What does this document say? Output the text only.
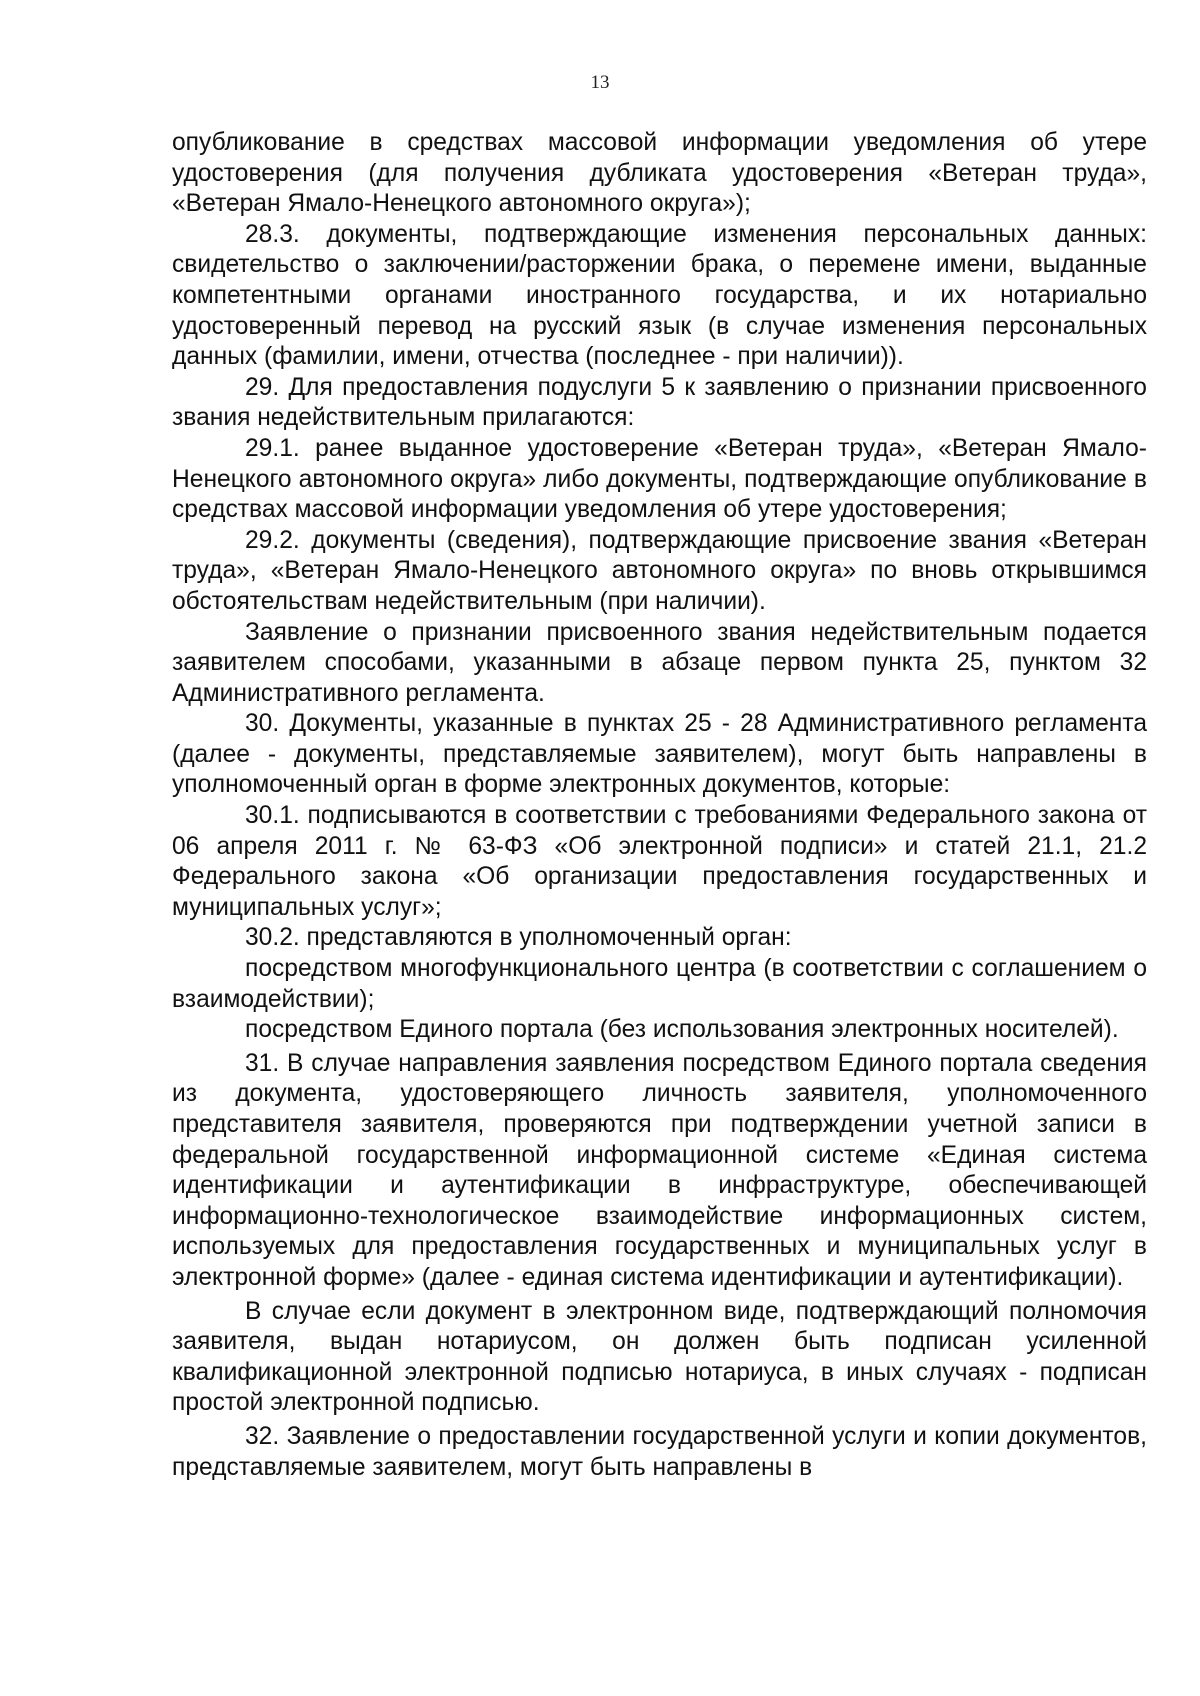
13

опубликование в средствах массовой информации уведомления об утере удостоверения (для получения дубликата удостоверения «Ветеран труда», «Ветеран Ямало-Ненецкого автономного округа»);

28.3. документы, подтверждающие изменения персональных данных: свидетельство о заключении/расторжении брака, о перемене имени, выданные компетентными органами иностранного государства, и их нотариально удостоверенный перевод на русский язык (в случае изменения персональных данных (фамилии, имени, отчества (последнее - при наличии)).

29. Для предоставления подуслуги 5 к заявлению о признании присвоенного звания недействительным прилагаются:

29.1. ранее выданное удостоверение «Ветеран труда», «Ветеран Ямало-Ненецкого автономного округа» либо документы, подтверждающие опубликование в средствах массовой информации уведомления об утере удостоверения;

29.2. документы (сведения), подтверждающие присвоение звания «Ветеран труда», «Ветеран Ямало-Ненецкого автономного округа» по вновь открывшимся обстоятельствам недействительным (при наличии).

Заявление о признании присвоенного звания недействительным подается заявителем способами, указанными в абзаце первом пункта 25, пунктом 32 Административного регламента.

30. Документы, указанные в пунктах 25 - 28 Административного регламента (далее - документы, представляемые заявителем), могут быть направлены в уполномоченный орган в форме электронных документов, которые:

30.1. подписываются в соответствии с требованиями Федерального закона от 06 апреля 2011 г. № 63-ФЗ «Об электронной подписи» и статей 21.1, 21.2 Федерального закона «Об организации предоставления государственных и муниципальных услуг»;

30.2. представляются в уполномоченный орган:

посредством многофункционального центра (в соответствии с соглашением о взаимодействии);

посредством Единого портала (без использования электронных носителей).

31. В случае направления заявления посредством Единого портала сведения из документа, удостоверяющего личность заявителя, уполномоченного представителя заявителя, проверяются при подтверждении учетной записи в федеральной государственной информационной системе «Единая система идентификации и аутентификации в инфраструктуре, обеспечивающей информационно-технологическое взаимодействие информационных систем, используемых для предоставления государственных и муниципальных услуг в электронной форме» (далее - единая система идентификации и аутентификации).

В случае если документ в электронном виде, подтверждающий полномочия заявителя, выдан нотариусом, он должен быть подписан усиленной квалификационной электронной подписью нотариуса, в иных случаях - подписан простой электронной подписью.

32. Заявление о предоставлении государственной услуги и копии документов, представляемые заявителем, могут быть направлены в
